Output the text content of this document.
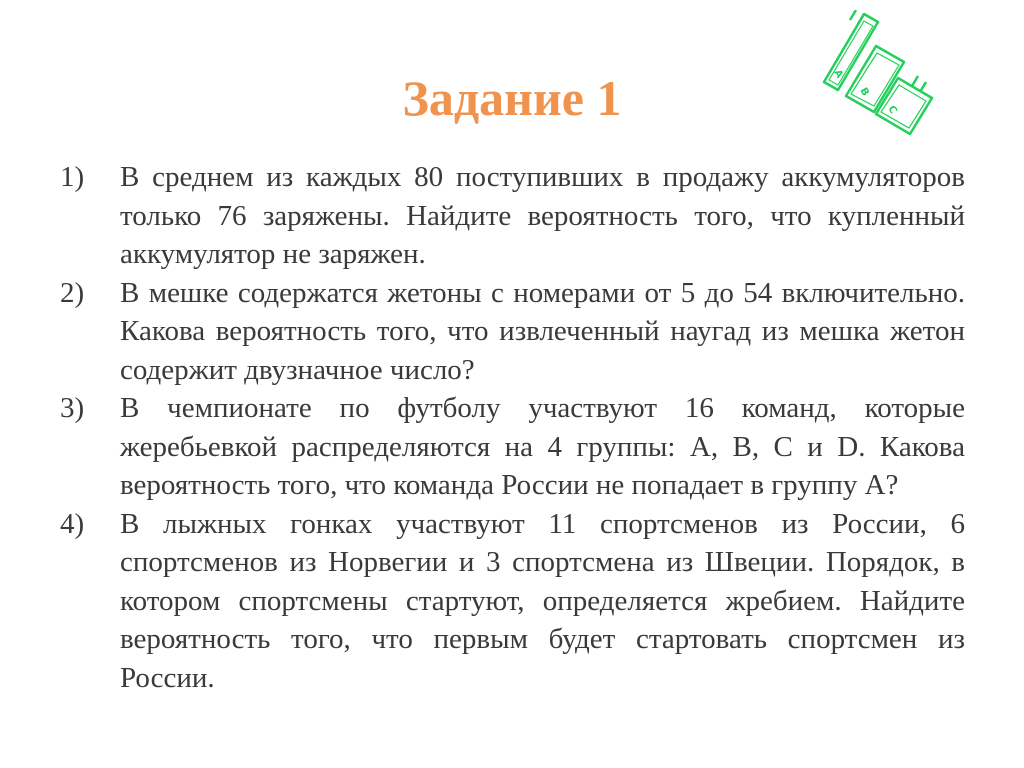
Задание 1	A
B
C
1)	В среднем из каждых 80 поступивших в продажу аккумуляторов только 76 заряжены. Найдите вероятность того, что купленный аккумулятор не заряжен.
2)	В мешке содержатся жетоны с номерами от 5 до 54 включительно. Какова вероятность того, что извлеченный наугад из мешка жетон содержит двузначное число?
3)	В чемпионате по футболу участвуют 16 команд, которые жеребьевкой распределяются на 4 группы: A, B, C и D. Какова вероятность того, что команда России не попадает в группу A?
4)	В лыжных гонках участвуют 11 спортсменов из России, 6 спортсменов из Норвегии и 3 спортсмена из Швеции. Порядок, в котором спортсмены стартуют, определяется жребием. Найдите вероятность того, что первым будет стартовать спортсмен из России.
